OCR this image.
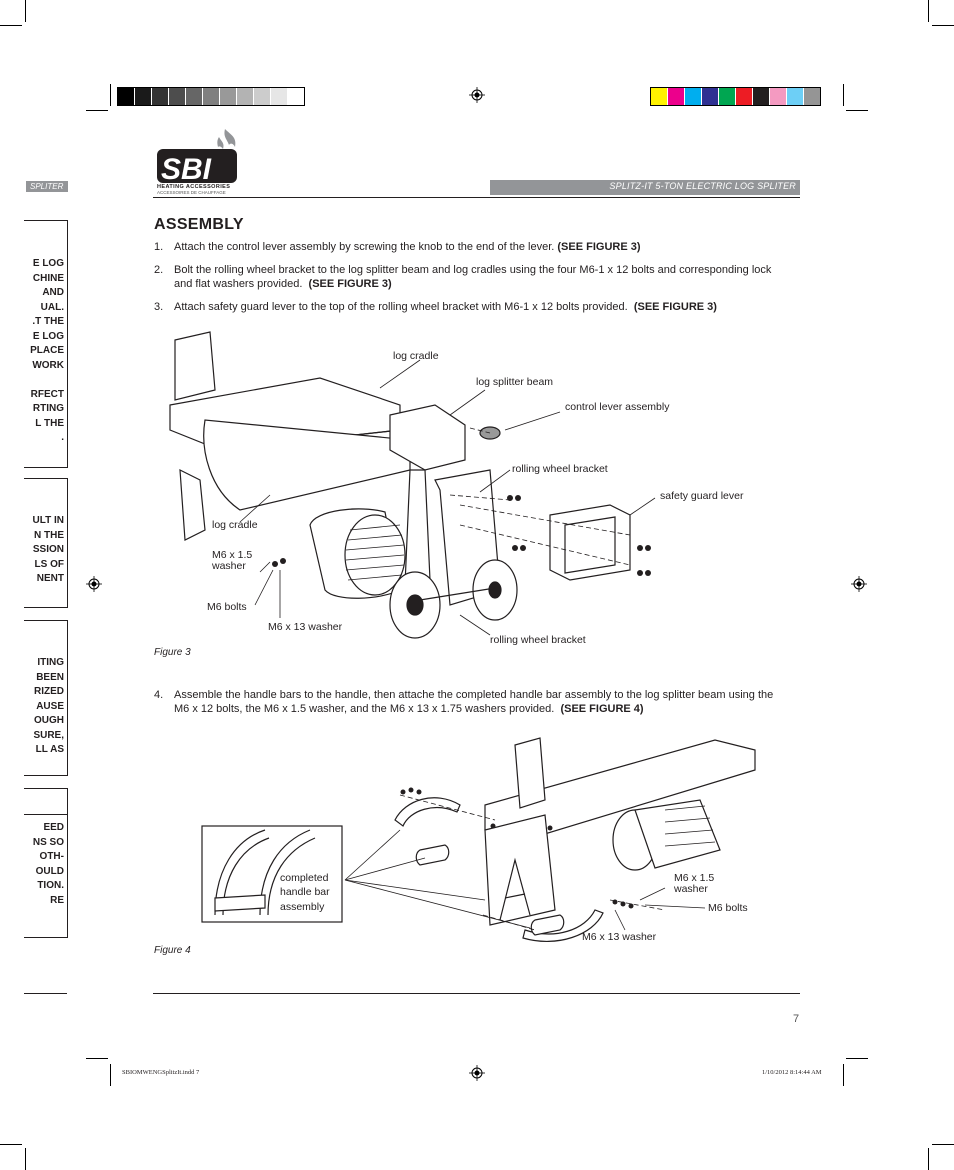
SBI
HEATING ACCESSORIES
ACCESSOIRES DE CHAUFFAGE
SPLITER	SPLITZ-IT 5-TON ELECTRIC LOG SPLITER
E LOG
CHINE
AND
UAL.
.T THE
E LOG
PLACE
WORK

RFECT
RTING
L THE
.
ULT IN
N THE
SSION
LS OF
NENT
ITING
BEEN
RIZED
AUSE
OUGH
SURE,
LL AS
EED
NS SO
OTH-
OULD
TION.
RE
ASSEMBLY
1. Attach the control lever assembly by screwing the knob to the end of the lever. (SEE FIGURE 3)
2. Bolt the rolling wheel bracket to the log splitter beam and log cradles using the four M6-1 x 12 bolts and corresponding lock
and flat washers provided. (SEE FIGURE 3)
3. Attach safety guard lever to the top of the rolling wheel bracket with M6-1 x 12 bolts provided. (SEE FIGURE 3)
log cradle
log splitter beam
control lever assembly
rolling wheel bracket
safety guard lever
log cradle
M6 x 1.5
washer
M6 bolts
M6 x 13 washer
rolling wheel bracket
Figure 3
4. Assemble the handle bars to the handle, then attache the completed handle bar assembly to the log splitter beam using the
M6 x 12 bolts, the M6 x 1.5 washer, and the M6 x 13 x 1.75 washers provided. (SEE FIGURE 4)
completed
handle bar
assembly
M6 x 1.5
washer
M6 bolts
M6 x 13 washer
Figure 4
7
SBIOMWENGSplitzIt.indd 7	1/10/2012 8:14:44 AM
